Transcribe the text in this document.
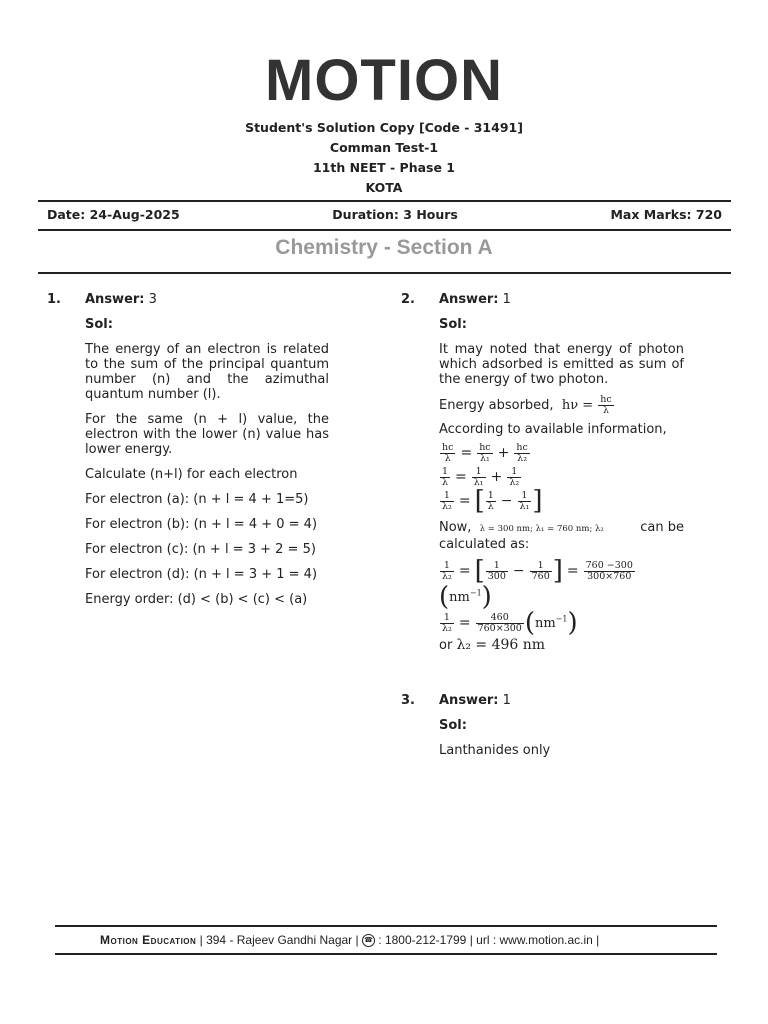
MOTION
Student's Solution Copy [Code - 31491]
Comman Test-1
11th NEET - Phase 1
KOTA
Date: 24-Aug-2025	Duration: 3 Hours	Max Marks: 720
Chemistry - Section A
1. Answer: 3

Sol:

The energy of an electron is related to the sum of the principal quantum number (n) and the azimuthal quantum number (l).

For the same (n + l) value, the electron with the lower (n) value has lower energy.

Calculate (n+l) for each electron

For electron (a): (n + l = 4 + 1=5)

For electron (b): (n + l = 4 + 0 = 4)

For electron (c): (n + l = 3 + 2 = 5)

For electron (d): (n + l = 3 + 1 = 4)

Energy order: (d) < (b) < (c) < (a)

2. Answer: 1

Sol:

It may noted that energy of photon which adsorbed is emitted as sum of the energy of two photon.

Energy absorbed,  $h\nu = \frac{hc}{\lambda}$

According to available information,

$\frac{hc}{\lambda} = \frac{hc}{\text{λ₁}} + \frac{hc}{\text{λ₂}}$
$\frac{1}{\lambda} = \frac{1}{\text{λ₁}} + \frac{1}{\text{λ₂}}$
$\frac{1}{\text{λ₂}}$ = [ $\frac{1}{\lambda} - \frac{1}{\text{λ₁}}$ ]

Now, λ = 300 nm; λ₁ = 760 nm; λ₂	can be

calculated as:

$\frac{1}{\text{λ₂}}$ = [ $\frac{1}{300} - \frac{1}{760}$ ] = $\frac{760 -300}{300\times 760}$
$(nm^{-1})$
$\frac{1}{\text{λ₂}} = \frac{460}{760\times 300} (nm^{-1})$

or λ₂ = 496 nm

3. Answer: 1

Sol:

Lanthanides only

Motion Education | 394 - Rajeev Gandhi Nagar | ☎ : 1800-212-1799 | url : www.motion.ac.in |
